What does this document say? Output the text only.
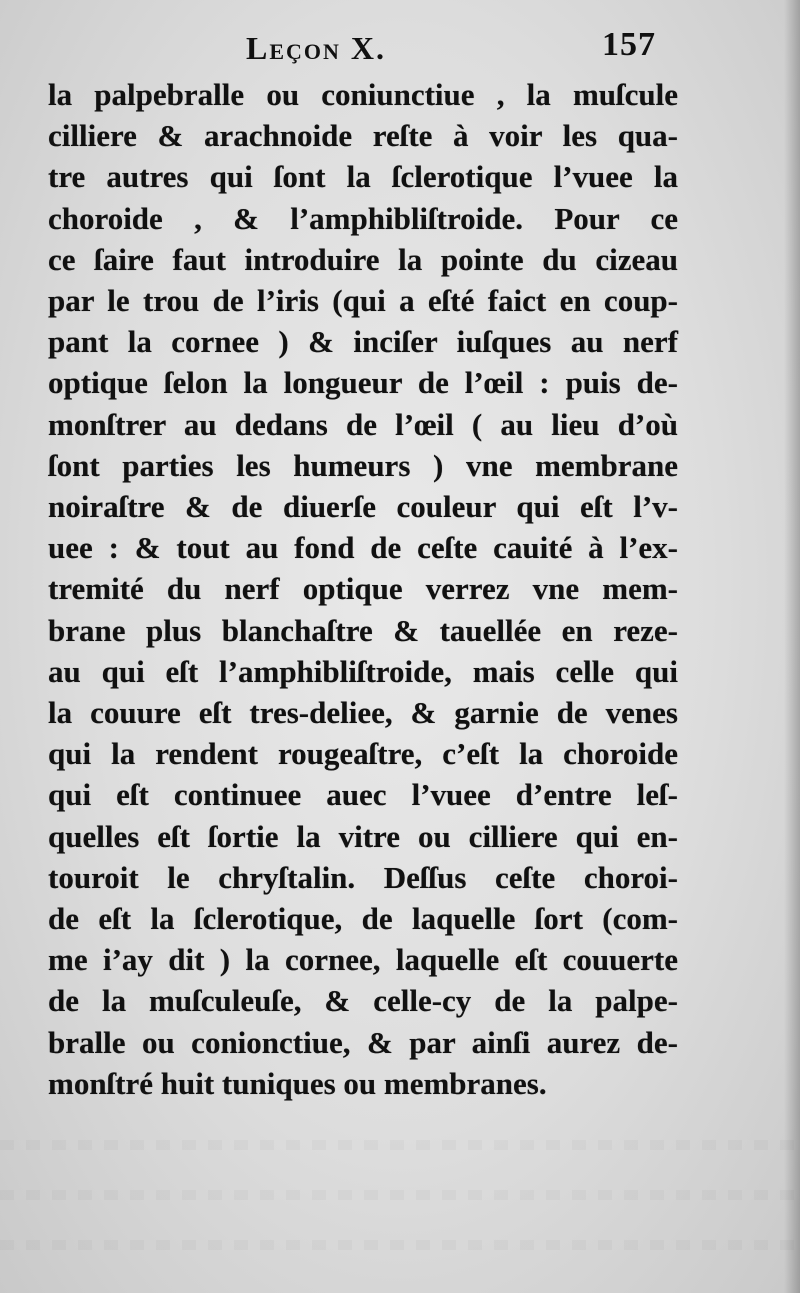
Leçon X.	157
la palpebralle ou coniunctiue , la muſcule
cilliere & arachnoide reſte à voir les qua-
tre autres qui ſont la ſclerotique l’vuee la
choroide , & l’amphibliſtroide. Pour ce
ce ſaire faut introduire la pointe du cizeau
par le trou de l’iris (qui a eſté faict en coup-
pant la cornee ) & inciſer iuſques au nerf
optique ſelon la longueur de l’œil : puis de-
monſtrer au dedans de l’œil ( au lieu d’où
ſont parties les humeurs ) vne membrane
noiraſtre & de diuerſe couleur qui eſt l’v-
uee : & tout au fond de ceſte cauité à l’ex-
tremité du nerf optique verrez vne mem-
brane plus blanchaſtre & tauellée en reze-
au qui eſt l’amphibliſtroide, mais celle qui
la couure eſt tres-deliee, & garnie de venes
qui la rendent rougeaſtre, c’eſt la choroide
qui eſt continuee auec l’vuee d’entre leſ-
quelles eſt ſortie la vitre ou cilliere qui en-
touroit le chryſtalin. Deſſus ceſte choroi-
de eſt la ſclerotique, de laquelle ſort (com-
me i’ay dit ) la cornee, laquelle eſt couuerte
de la muſculeuſe, & celle-cy de la palpe-
bralle ou conionctiue, & par ainſi aurez de-
monſtré huit tuniques ou membranes.
